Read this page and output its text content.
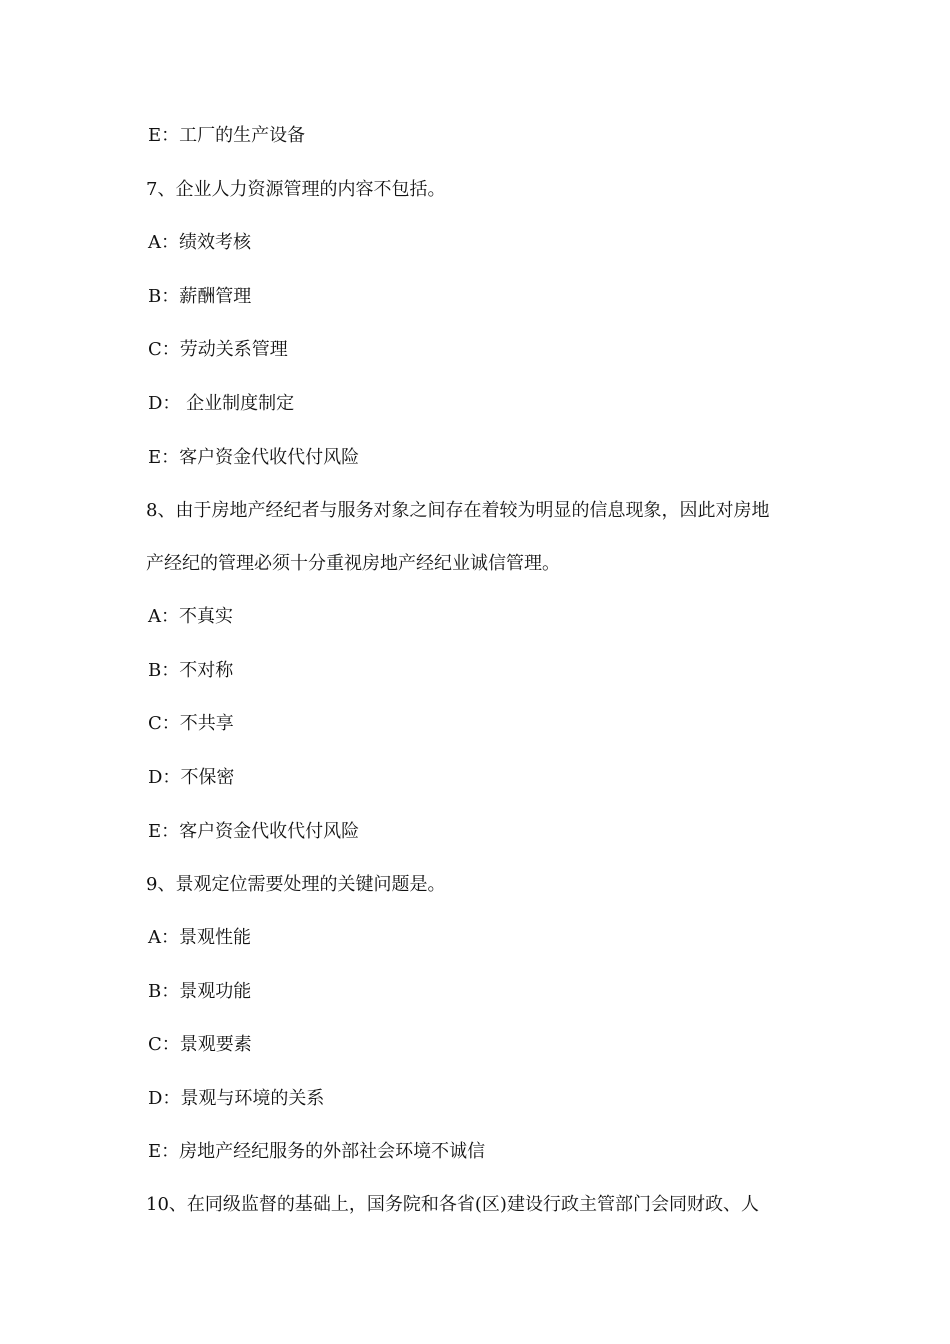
E：工厂的生产设备
7、企业人力资源管理的内容不包括。
A：绩效考核
B：薪酬管理
C：劳动关系管理
D： 企业制度制定
E：客户资金代收代付风险
8、由于房地产经纪者与服务对象之间存在着较为明显的信息现象，因此对房地
产经纪的管理必须十分重视房地产经纪业诚信管理。
A：不真实
B：不对称
C：不共享
D：不保密
E：客户资金代收代付风险
9、景观定位需要处理的关键问题是。
A：景观性能
B：景观功能
C：景观要素
D：景观与环境的关系
E：房地产经纪服务的外部社会环境不诚信
10、在同级监督的基础上，国务院和各省(区)建设行政主管部门会同财政、人
